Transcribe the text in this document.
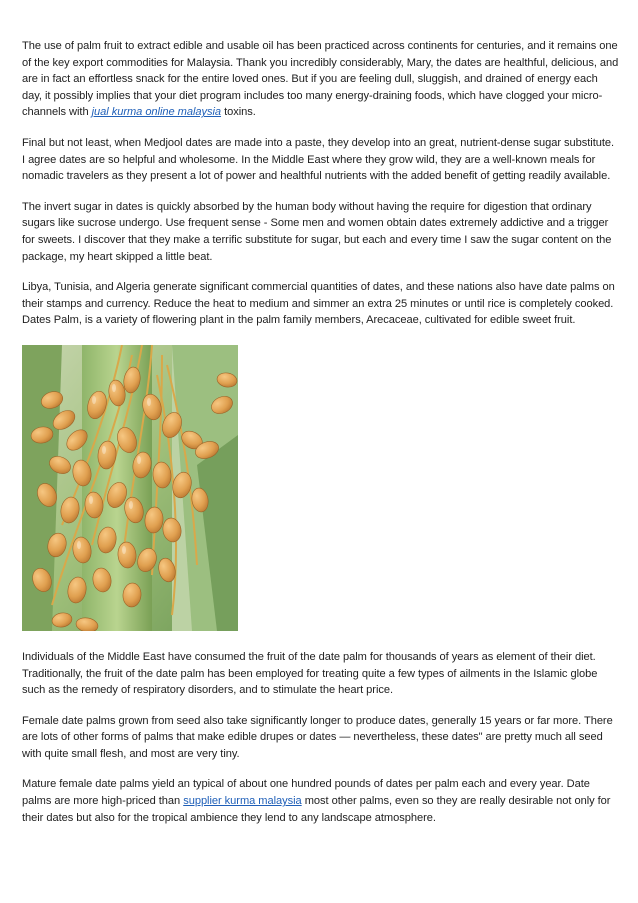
The use of palm fruit to extract edible and usable oil has been practiced across continents for centuries, and it remains one of the key export commodities for Malaysia. Thank you incredibly considerably, Mary, the dates are healthful, delicious, and are in fact an effortless snack for the entire loved ones. But if you are feeling dull, sluggish, and drained of energy each day, it possibly implies that your diet program includes too many energy-draining foods, which have clogged your micro-channels with jual kurma online malaysia toxins.

Final but not least, when Medjool dates are made into a paste, they develop into an great, nutrient-dense sugar substitute. I agree dates are so helpful and wholesome. In the Middle East where they grow wild, they are a well-known meals for nomadic travelers as they present a lot of power and healthful nutrients with the added benefit of getting readily available.

The invert sugar in dates is quickly absorbed by the human body without having the require for digestion that ordinary sugars like sucrose undergo. Use frequent sense - Some men and women obtain dates extremely addictive and a trigger for sweets. I discover that they make a terrific substitute for sugar, but each and every time I saw the sugar content on the package, my heart skipped a little beat.

Libya, Tunisia, and Algeria generate significant commercial quantities of dates, and these nations also have date palms on their stamps and currency. Reduce the heat to medium and simmer an extra 25 minutes or until rice is completely cooked. Dates Palm, is a variety of flowering plant in the palm family members, Arecaceae, cultivated for edible sweet fruit.

Individuals of the Middle East have consumed the fruit of the date palm for thousands of years as element of their diet. Traditionally, the fruit of the date palm has been employed for treating quite a few types of ailments in the Islamic globe such as the remedy of respiratory disorders, and to stimulate the heart price.

Female date palms grown from seed also take significantly longer to produce dates, generally 15 years or far more. There are lots of other forms of palms that make edible drupes or dates — nevertheless, these dates" are pretty much all seed with quite small flesh, and most are very tiny.

Mature female date palms yield an typical of about one hundred pounds of dates per palm each and every year. Date palms are more high-priced than supplier kurma malaysia most other palms, even so they are really desirable not only for their dates but also for the tropical ambience they lend to any landscape atmosphere.
